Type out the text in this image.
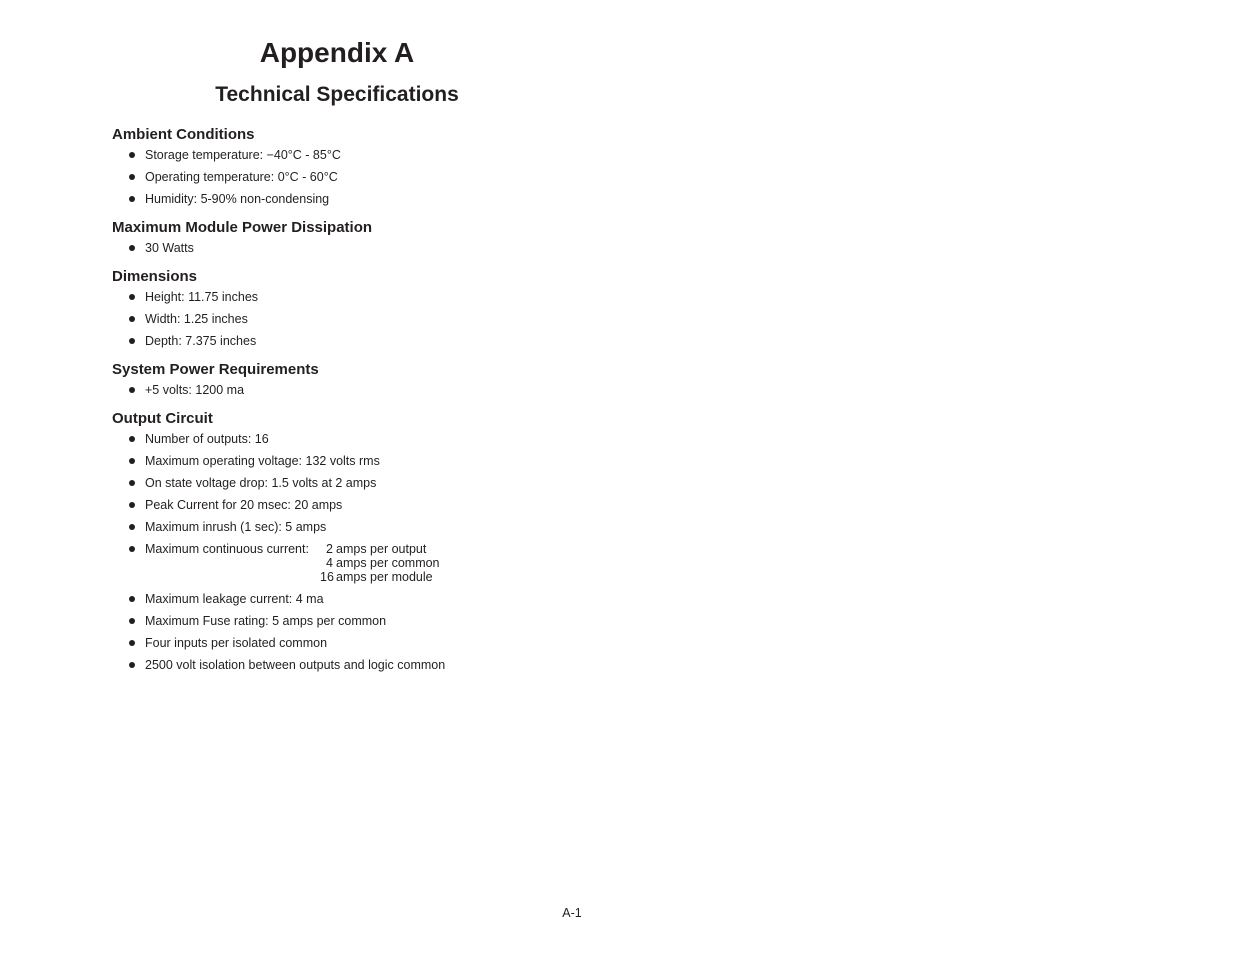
Appendix A
Technical Specifications
Ambient Conditions
Storage temperature: −40°C - 85°C
Operating temperature: 0°C - 60°C
Humidity: 5-90% non-condensing
Maximum Module Power Dissipation
30 Watts
Dimensions
Height: 11.75 inches
Width: 1.25 inches
Depth: 7.375 inches
System Power Requirements
+5 volts: 1200 ma
Output Circuit
Number of outputs: 16
Maximum operating voltage: 132 volts rms
On state voltage drop: 1.5 volts at 2 amps
Peak Current for 20 msec: 20 amps
Maximum inrush (1 sec): 5 amps
Maximum continuous current:	2 amps per output
4 amps per common
16 amps per module
Maximum leakage current: 4 ma
Maximum Fuse rating: 5 amps per common
Four inputs per isolated common
2500 volt isolation between outputs and logic common
A-1
